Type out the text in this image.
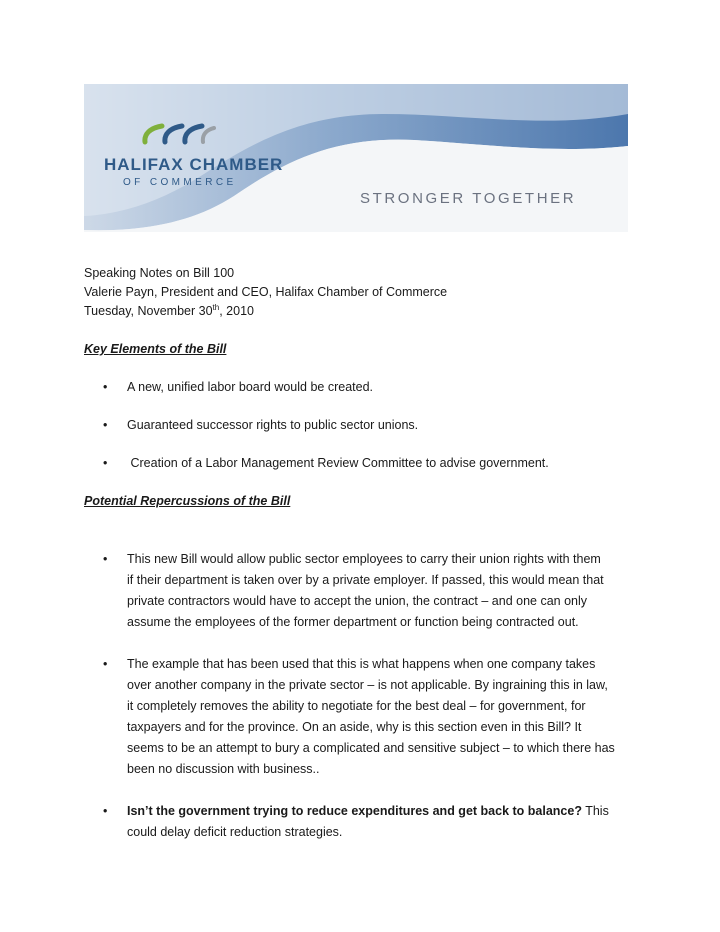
HALIFAX CHAMBER
OF COMMERCE
STRONGER TOGETHER

Speaking Notes on Bill 100

Valerie Payn, President and CEO, Halifax Chamber of Commerce

Tuesday, November 30th, 2010

Key Elements of the Bill

• A new, unified labor board would be created.
• Guaranteed successor rights to public sector unions.
• Creation of a Labor Management Review Committee to advise government.

Potential Repercussions of the Bill

• This new Bill would allow public sector employees to carry their union rights with them
if their department is taken over by a private employer. If passed, this would mean that
private contractors would have to accept the union, the contract – and one can only
assume the employees of the former department or function being contracted out.
• The example that has been used that this is what happens when one company takes
over another company in the private sector – is not applicable. By ingraining this in law,
it completely removes the ability to negotiate for the best deal – for government, for
taxpayers and for the province. On an aside, why is this section even in this Bill? It
seems to be an attempt to bury a complicated and sensitive subject – to which there has
been no discussion with business..
• Isn’t the government trying to reduce expenditures and get back to balance? This
could delay deficit reduction strategies.
